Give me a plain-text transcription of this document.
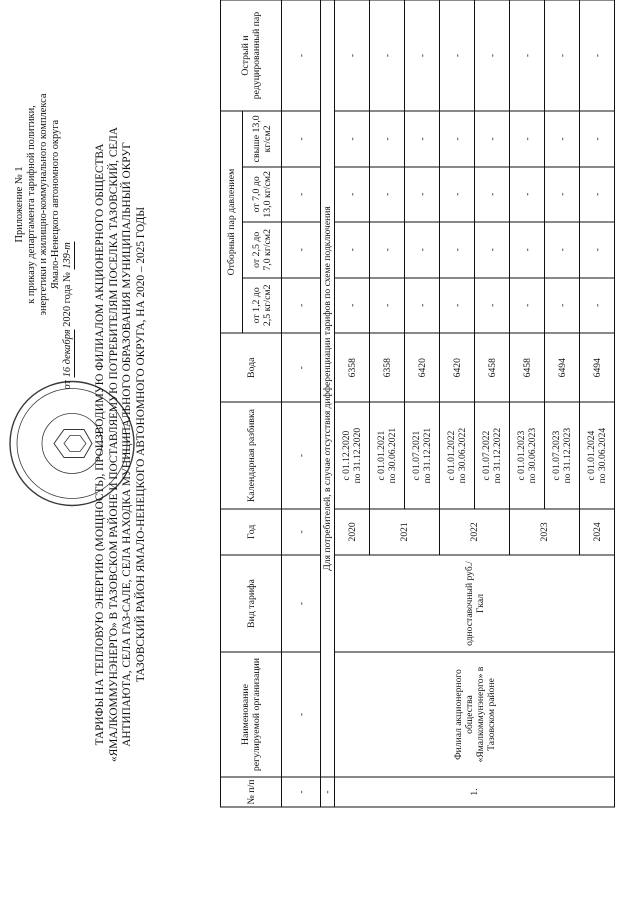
Приложение № 1 к приказу департамента тарифной политики, энергетики и жилищно-коммунального комплекса Ямало-Ненецкого автономного округа
от 16 декабря 2020 года № 139-т ТАРИФЫ НА ТЕПЛОВУЮ ЭНЕРГИЮ (МОЩНОСТЬ), ПРОИЗВОДИМУЮ ФИЛИАЛОМ АКЦИОНЕРНОГО ОБЩЕСТВА «ЯМАЛКОММУНЭНЕРГО» В ТАЗОВСКОМ РАЙОНЕ И ПОСТАВЛЯЕМУЮ ПОТРЕБИТЕЛЯМ ПОСЕЛКА ТАЗОВСКИЙ, СЕЛА АНТИПАЮТА, СЕЛА ГАЗ-САЛЕ, СЕЛА НАХОДКА МУНИЦИПАЛЬНОГО ОБРАЗОВАНИЯ МУНИЦИПАЛЬНЫЙ ОКРУГ ТАЗОВСКИЙ РАЙОН ЯМАЛО-НЕНЕЦКОГО АВТОНОМНОГО ОКРУГА, НА 2020 – 2025 ГОДЫ
№ п/п	Наименование регулируемой организации	Вид тарифа	Год	Календарная разбивка	Вода	Отборный пар давлением				Острый и редуцированный пар
						от 1,2 до 2,5 кг/см2	от 2,5 до 7,0 кг/см2	от 7,0 до 13,0 кг/см2	свыше 13,0 кг/см2	
-	-	-	-	-	-	-	-	-	-	-
-	Для потребителей, в случае отсутствия дифференциации тарифов по схеме подключения									
1.	Филиал акционерного общества «Ямалкоммунэнерго» в Тазовском районе	одноставочный руб./Гкал	2020	с 01.12.2020 по 31.12.2020	6358	-	-	-	-	-
			2021	с 01.01.2021 по 30.06.2021	6358	-	-	-	-	-

				с 01.07.2021 по 31.12.2021	6420	-	-	-	-	-
			2022	с 01.01.2022 по 30.06.2022	6420	-	-	-	-	-

				с 01.07.2022 по 31.12.2022	6458	-	-	-	-	-
			2023	с 01.01.2023 по 30.06.2023	6458	-	-	-	-	-

				с 01.07.2023 по 31.12.2023	6494	-	-	-	-	-
			2024	с 01.01.2024 по 30.06.2024	6494	-	-	-	-	-
